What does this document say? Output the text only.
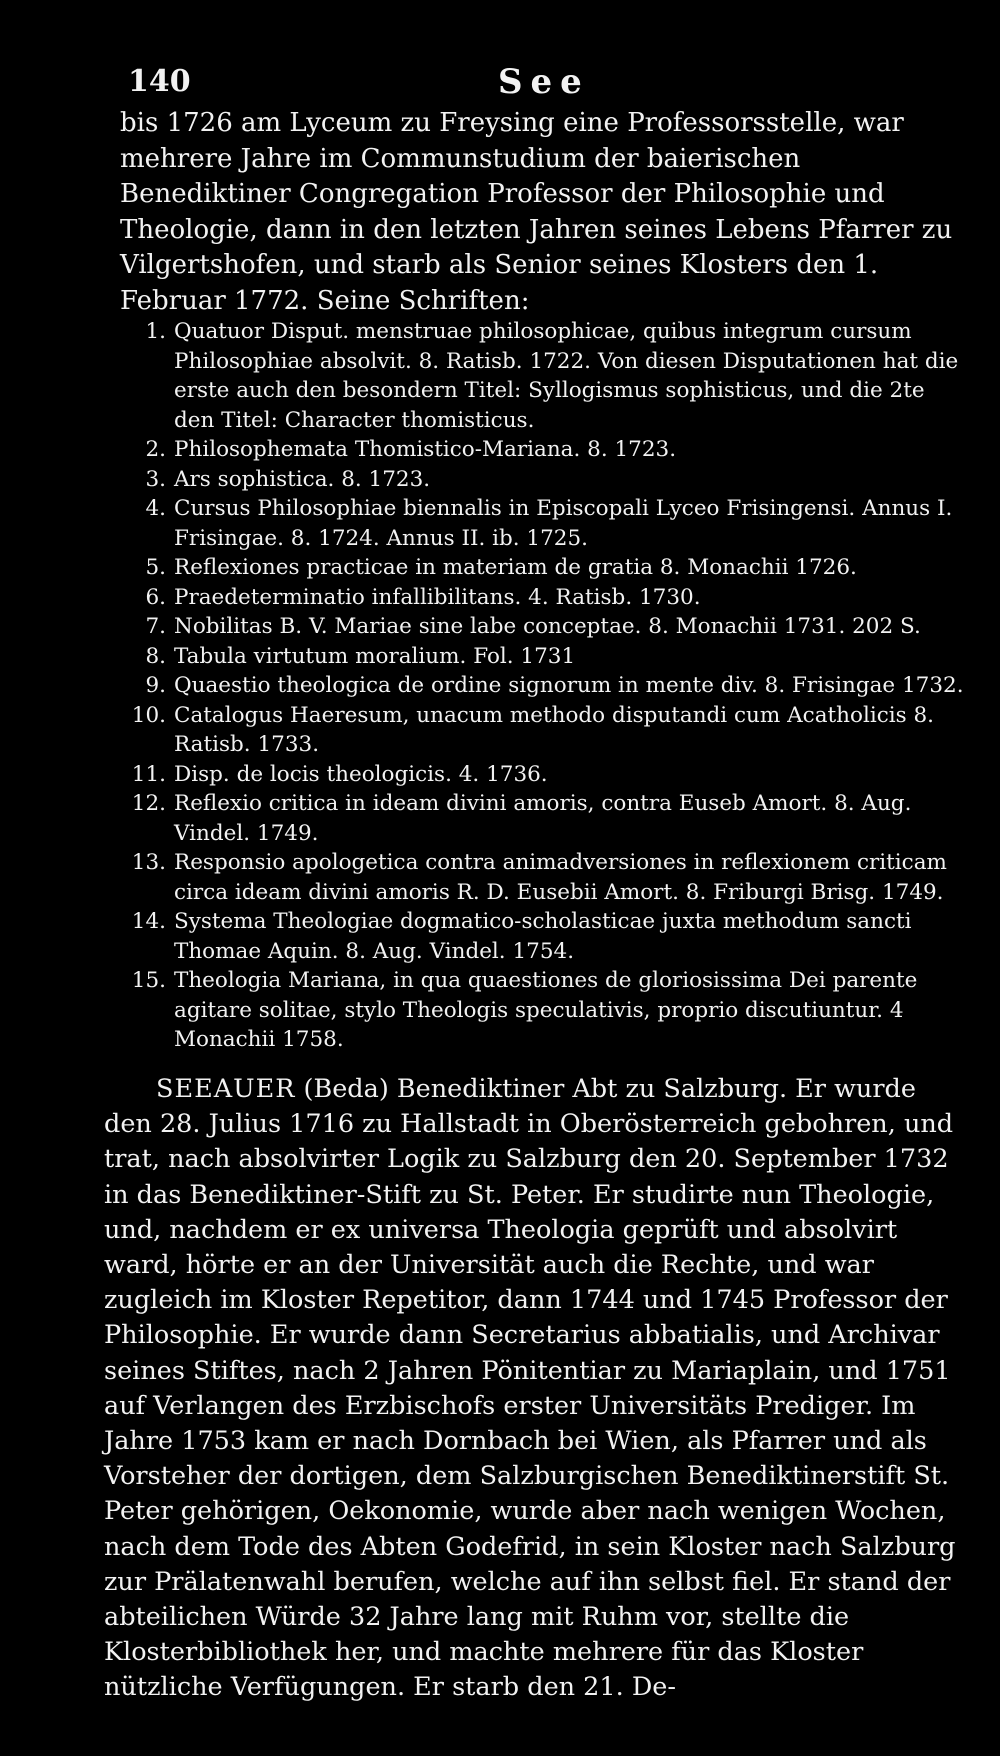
140	See

bis 1726 am Lyceum zu Freysing eine Professorsstelle, war mehrere Jahre im Communstudium der baierischen Benediktiner Congregation Professor der Philosophie und Theologie, dann in den letzten Jahren seines Lebens Pfarrer zu Vilgertshofen, und starb als Senior seines Klosters den 1. Februar 1772. Seine Schriften:

1. Quatuor Disput. menstruae philosophicae, quibus integrum cursum Philosophiae absolvit. 8. Ratisb. 1722. Von diesen Disputationen hat die erste auch den besondern Titel: Syllogismus sophisticus, und die 2te den Titel: Character thomisticus.
2. Philosophemata Thomistico-Mariana. 8. 1723.
3. Ars sophistica. 8. 1723.
4. Cursus Philosophiae biennalis in Episcopali Lyceo Frisingensi. Annus I. Frisingae. 8. 1724. Annus II. ib. 1725.
5. Reflexiones practicae in materiam de gratia 8. Monachii 1726.
6. Praedeterminatio infallibilitans. 4. Ratisb. 1730.
7. Nobilitas B. V. Mariae sine labe conceptae. 8. Monachii 1731. 202 S.
8. Tabula virtutum moralium. Fol. 1731
9. Quaestio theologica de ordine signorum in mente div. 8. Frisingae 1732.
10. Catalogus Haeresum, unacum methodo disputandi cum Acatholicis 8. Ratisb. 1733.
11. Disp. de locis theologicis. 4. 1736.
12. Reflexio critica in ideam divini amoris, contra Euseb Amort. 8. Aug. Vindel. 1749.
13. Responsio apologetica contra animadversiones in reflexionem criticam circa ideam divini amoris R. D. Eusebii Amort. 8. Friburgi Brisg. 1749.
14. Systema Theologiae dogmatico-scholasticae juxta methodum sancti Thomae Aquin. 8. Aug. Vindel. 1754.
15. Theologia Mariana, in qua quaestiones de gloriosissima Dei parente agitare solitae, stylo Theologis speculativis, proprio discutiuntur. 4 Monachii 1758.

SEEAUER (Beda) Benediktiner Abt zu Salzburg. Er wurde den 28. Julius 1716 zu Hallstadt in Oberösterreich gebohren, und trat, nach absolvirter Logik zu Salzburg den 20. September 1732 in das Benediktiner-Stift zu St. Peter. Er studirte nun Theologie, und, nachdem er ex universa Theologia geprüft und absolvirt ward, hörte er an der Universität auch die Rechte, und war zugleich im Kloster Repetitor, dann 1744 und 1745 Professor der Philosophie. Er wurde dann Secretarius abbatialis, und Archivar seines Stiftes, nach 2 Jahren Pönitentiar zu Mariaplain, und 1751 auf Verlangen des Erzbischofs erster Universitäts Prediger. Im Jahre 1753 kam er nach Dornbach bei Wien, als Pfarrer und als Vorsteher der dortigen, dem Salzburgischen Benediktinerstift St. Peter gehörigen, Oekonomie, wurde aber nach wenigen Wochen, nach dem Tode des Abten Godefrid, in sein Kloster nach Salzburg zur Prälatenwahl berufen, welche auf ihn selbst fiel. Er stand der abteilichen Würde 32 Jahre lang mit Ruhm vor, stellte die Klosterbibliothek her, und machte mehrere für das Kloster nützliche Verfügungen. Er starb den 21. De-
